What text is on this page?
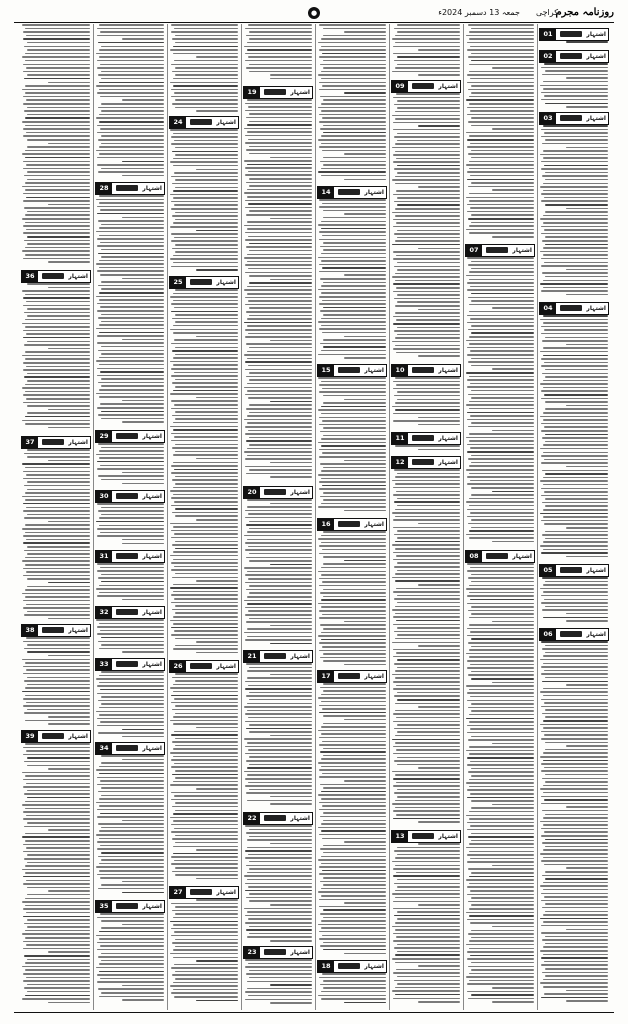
روزنامہ مجرم
کراچی
جمعہ 13 دسمبر 2024ء
●
01	اشتہار
02	اشتہار
03	اشتہار
04	اشتہار
05	اشتہار
06	اشتہار
07	اشتہار
08	اشتہار
09	اشتہار
10	اشتہار
11	اشتہار
12	اشتہار
13	اشتہار
14	اشتہار
15	اشتہار
16	اشتہار
17	اشتہار
18	اشتہار
19	اشتہار
20	اشتہار
21	اشتہار
22	اشتہار
23	اشتہار
24	اشتہار
25	اشتہار
26	اشتہار
27	اشتہار
28	اشتہار
29	اشتہار
30	اشتہار
31	اشتہار
32	اشتہار
33	اشتہار
34	اشتہار
35	اشتہار
36	اشتہار
37	اشتہار
38	اشتہار
39	اشتہار
